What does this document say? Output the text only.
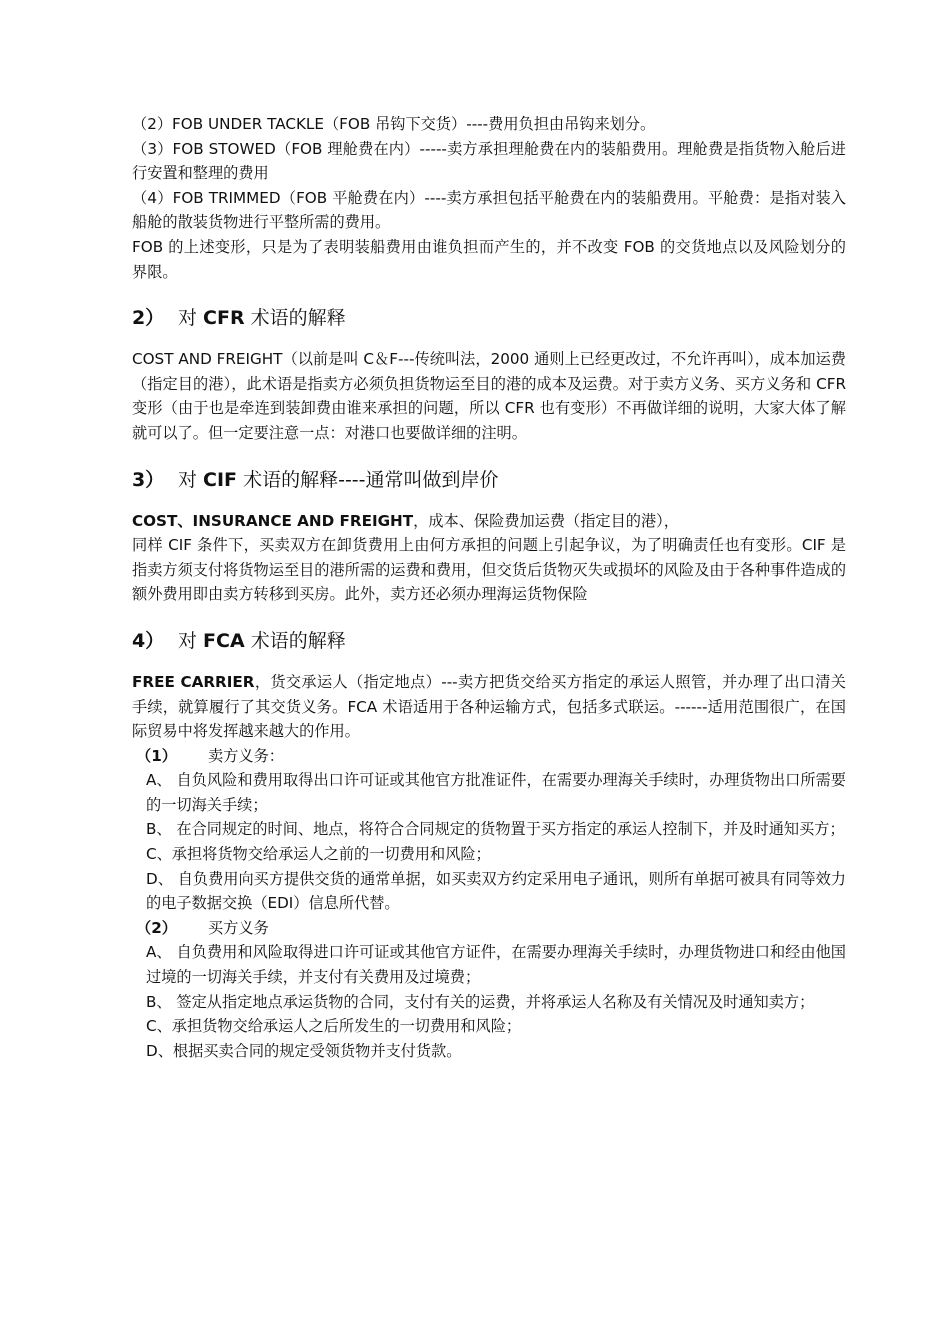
（2）FOB UNDER TACKLE（FOB 吊钩下交货）----费用负担由吊钩来划分。

（3）FOB STOWED（FOB 理舱费在内）-----卖方承担理舱费在内的装船费用。理舱费是指货物入舱后进行安置和整理的费用

（4）FOB TRIMMED（FOB 平舱费在内）----卖方承担包括平舱费在内的装船费用。平舱费：是指对装入船舱的散装货物进行平整所需的费用。

FOB 的上述变形，只是为了表明装船费用由谁负担而产生的，并不改变 FOB 的交货地点以及风险划分的界限。

2） 对 CFR 术语的解释

COST AND FREIGHT（以前是叫 C＆F---传统叫法，2000 通则上已经更改过，不允许再叫），成本加运费（指定目的港），此术语是指卖方必须负担货物运至目的港的成本及运费。对于卖方义务、买方义务和 CFR 变形（由于也是牵连到装卸费由谁来承担的问题，所以 CFR 也有变形）不再做详细的说明，大家大体了解就可以了。但一定要注意一点：对港口也要做详细的注明。

3） 对 CIF 术语的解释----通常叫做到岸价

COST、INSURANCE AND FREIGHT，成本、保险费加运费（指定目的港），

同样 CIF 条件下，买卖双方在卸货费用上由何方承担的问题上引起争议，为了明确责任也有变形。CIF 是指卖方须支付将货物运至目的港所需的运费和费用，但交货后货物灭失或损坏的风险及由于各种事件造成的额外费用即由卖方转移到买房。此外，卖方还必须办理海运货物保险

4） 对 FCA 术语的解释

FREE CARRIER，货交承运人（指定地点）---卖方把货交给买方指定的承运人照管，并办理了出口清关手续，就算履行了其交货义务。FCA 术语适用于各种运输方式，包括多式联运。------适用范围很广，在国际贸易中将发挥越来越大的作用。

（1） 卖方义务：

A、 自负风险和费用取得出口许可证或其他官方批准证件，在需要办理海关手续时，办理货物出口所需要的一切海关手续；

B、 在合同规定的时间、地点，将符合合同规定的货物置于买方指定的承运人控制下，并及时通知买方；

C、承担将货物交给承运人之前的一切费用和风险；

D、 自负费用向买方提供交货的通常单据，如买卖双方约定采用电子通讯，则所有单据可被具有同等效力的电子数据交换（EDI）信息所代替。

（2） 买方义务

A、 自负费用和风险取得进口许可证或其他官方证件，在需要办理海关手续时，办理货物进口和经由他国过境的一切海关手续，并支付有关费用及过境费；

B、 签定从指定地点承运货物的合同，支付有关的运费，并将承运人名称及有关情况及时通知卖方；

C、承担货物交给承运人之后所发生的一切费用和风险；

D、根据买卖合同的规定受领货物并支付货款。
